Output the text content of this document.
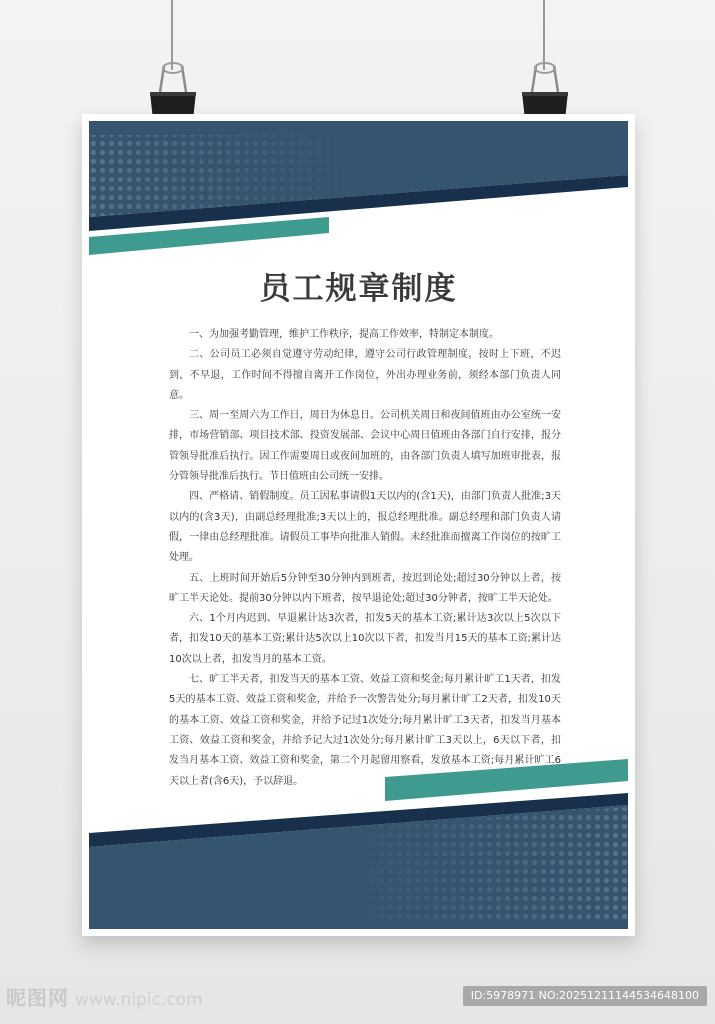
员工规章制度

一、为加强考勤管理，维护工作秩序，提高工作效率，特制定本制度。

二、公司员工必须自觉遵守劳动纪律，遵守公司行政管理制度，按时上下班，不迟到，不早退，工作时间不得擅自离开工作岗位，外出办理业务前，须经本部门负责人同意。

三、周一至周六为工作日，周日为休息日。公司机关周日和夜间值班由办公室统一安排，市场营销部、项目技术部、投资发展部、会议中心周日值班由各部门自行安排，报分管领导批准后执行。因工作需要周日或夜间加班的，由各部门负责人填写加班审批表，报分管领导批准后执行。节日值班由公司统一安排。

四、严格请、销假制度。员工因私事请假1天以内的(含1天)，由部门负责人批准;3天以内的(含3天)，由副总经理批准;3天以上的，报总经理批准。副总经理和部门负责人请假，一律由总经理批准。请假员工事毕向批准人销假。未经批准而擅离工作岗位的按旷工处理。

五、上班时间开始后5分钟至30分钟内到班者，按迟到论处;超过30分钟以上者，按旷工半天论处。提前30分钟以内下班者，按早退论处;超过30分钟者，按旷工半天论处。

六、1个月内迟到、早退累计达3次者，扣发5天的基本工资;累计达3次以上5次以下者，扣发10天的基本工资;累计达5次以上10次以下者，扣发当月15天的基本工资;累计达10次以上者，扣发当月的基本工资。

七、旷工半天者，扣发当天的基本工资、效益工资和奖金;每月累计旷工1天者，扣发5天的基本工资、效益工资和奖金，并给予一次警告处分;每月累计旷工2天者，扣发10天的基本工资、效益工资和奖金，并给予记过1次处分;每月累计旷工3天者，扣发当月基本工资、效益工资和奖金，并给予记大过1次处分;每月累计旷工3天以上，6天以下者，扣发当月基本工资、效益工资和奖金，第二个月起留用察看，发放基本工资;每月累计旷工6天以上者(含6天)，予以辞退。

昵图网 www.nipic.com	ID:5978971 NO:20251211144534648100
